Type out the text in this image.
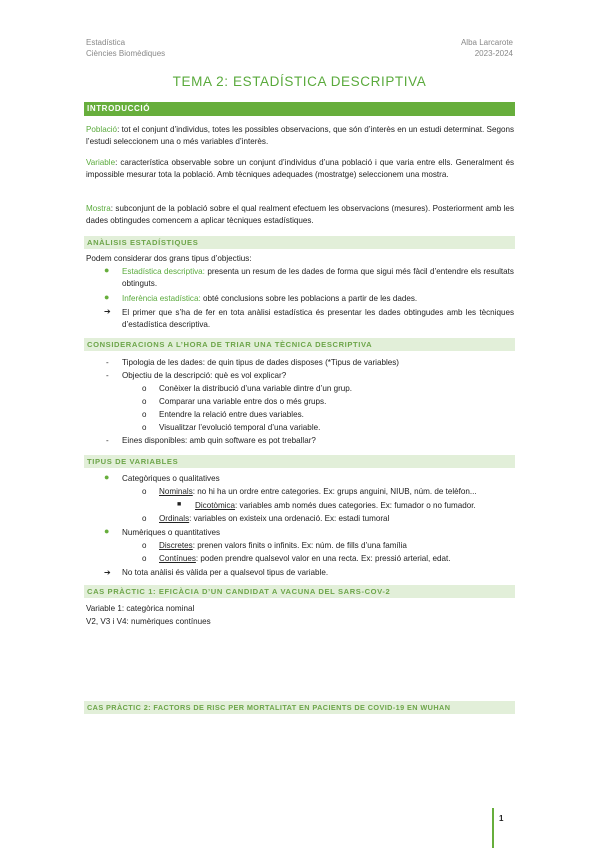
Estadística
Ciències Biomèdiques
Alba Larcarote
2023-2024
TEMA 2: ESTADÍSTICA DESCRIPTIVA
INTRODUCCIÓ
Població: tot el conjunt d’individus, totes les possibles observacions, que són d’interès en un estudi determinat. Segons l’estudi seleccionem una o més variables d’interès.
Variable: característica observable sobre un conjunt d’individus d’una població i que varia entre ells. Generalment és impossible mesurar tota la població. Amb tècniques adequades (mostratge) seleccionem una mostra.
Mostra: subconjunt de la població sobre el qual realment efectuem les observacions (mesures). Posteriorment amb les dades obtingudes comencem a aplicar tècniques estadístiques.
ANÀLISIS ESTADÍSTIQUES
Podem considerar dos grans tipus d’objectius:
● Estadística descriptiva: presenta un resum de les dades de forma que sigui més fàcil d’entendre els resultats obtinguts.
● Inferència estadística: obté conclusions sobre les poblacions a partir de les dades.
➔ El primer que s’ha de fer en tota anàlisi estadística és presentar les dades obtingudes amb les tècniques d’estadística descriptiva.
CONSIDERACIONS A L’HORA DE TRIAR UNA TÈCNICA DESCRIPTIVA
- Tipologia de les dades: de quin tipus de dades disposes (*Tipus de variables)
- Objectiu de la descripció: què es vol explicar?
o Conèixer la distribució d’una variable dintre d’un grup.
o Comparar una variable entre dos o més grups.
o Entendre la relació entre dues variables.
o Visualitzar l’evolució temporal d’una variable.
- Eines disponibles: amb quin software es pot treballar?
TIPUS DE VARIABLES
● Categòriques o qualitatives
o Nominals: no hi ha un ordre entre categories. Ex: grups anguini, NIUB, núm. de telèfon...
■ Dicotòmica: variables amb només dues categories. Ex: fumador o no fumador.
o Ordinals: variables on existeix una ordenació. Ex: estadi tumoral
● Numèriques o quantitatives
o Discretes: prenen valors finits o infinits. Ex: núm. de fills d’una família
o Contínues: poden prendre qualsevol valor en una recta. Ex: pressió arterial, edat.
➔ No tota anàlisi és vàlida per a qualsevol tipus de variable.
CAS PRÀCTIC 1: EFICÀCIA D’UN CANDIDAT A VACUNA DEL SARS-COV-2
Variable 1: categòrica nominal
V2, V3 i V4: numèriques contínues
CAS PRÀCTIC 2: FACTORS DE RISC PER MORTALITAT EN PACIENTS DE COVID-19 EN WUHAN
1
